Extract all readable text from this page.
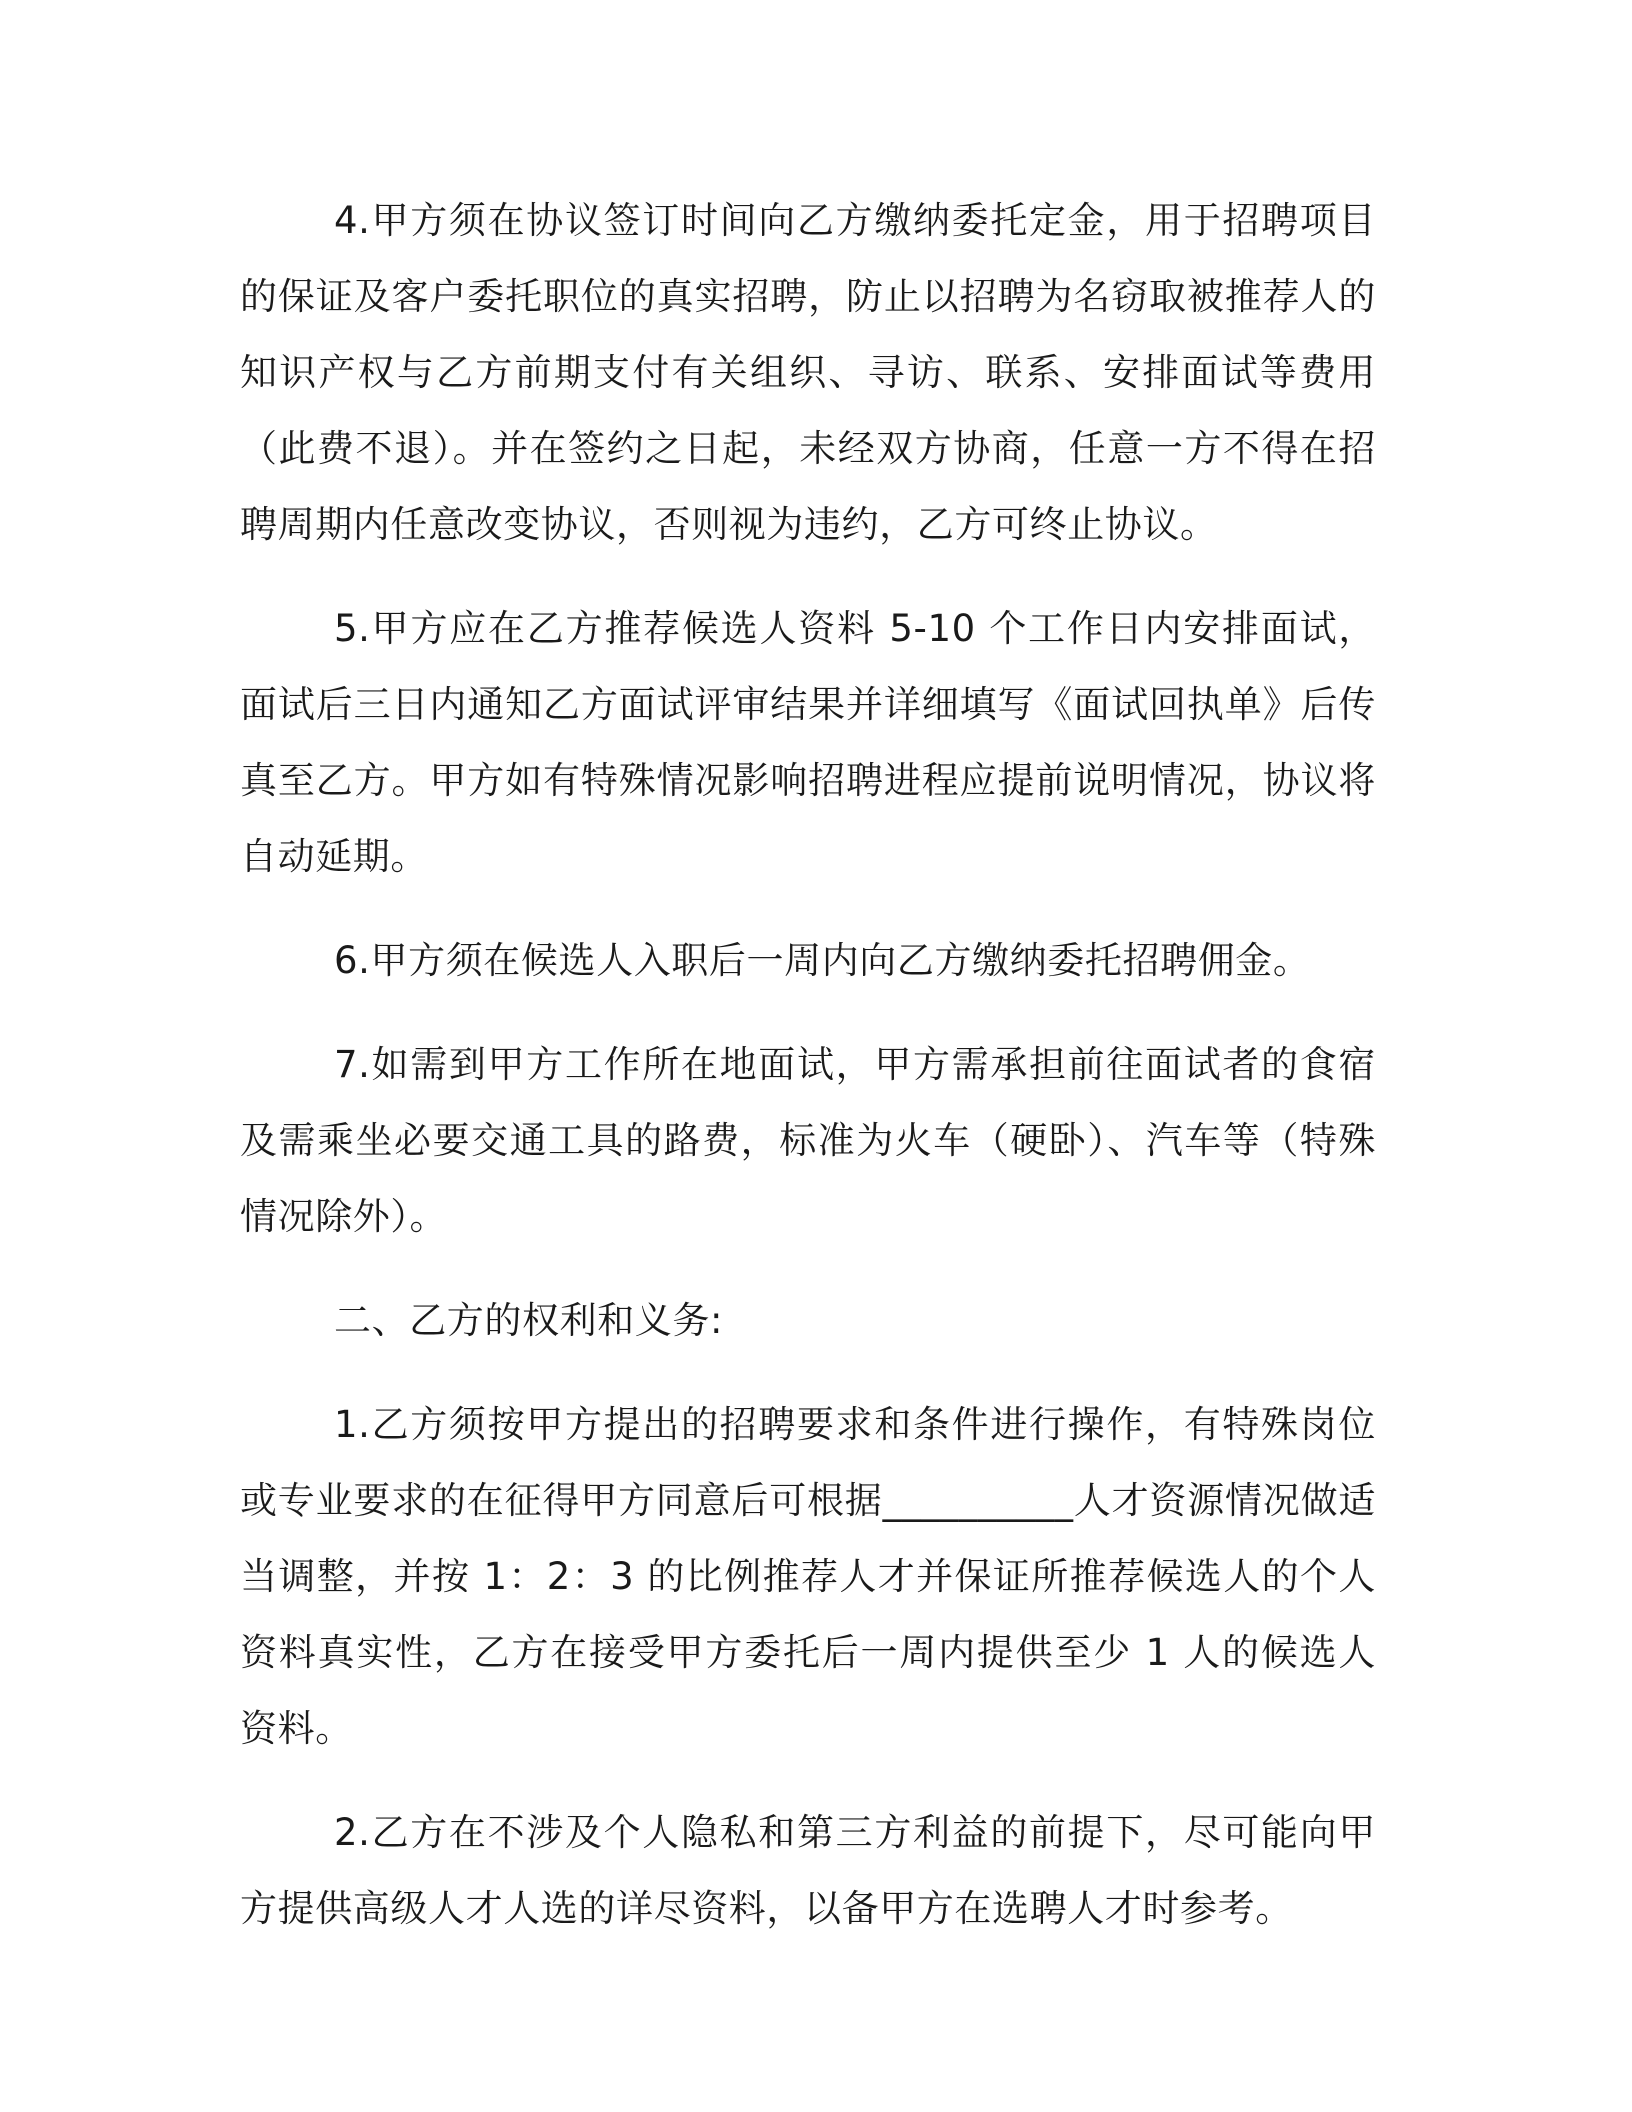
4.甲方须在协议签订时间向乙方缴纳委托定金，用于招聘项目的保证及客户委托职位的真实招聘，防止以招聘为名窃取被推荐人的知识产权与乙方前期支付有关组织、寻访、联系、安排面试等费用（此费不退）。并在签约之日起，未经双方协商，任意一方不得在招聘周期内任意改变协议，否则视为违约，乙方可终止协议。

5.甲方应在乙方推荐候选人资料 5-10 个工作日内安排面试，面试后三日内通知乙方面试评审结果并详细填写《面试回执单》后传真至乙方。甲方如有特殊情况影响招聘进程应提前说明情况，协议将自动延期。

6.甲方须在候选人入职后一周内向乙方缴纳委托招聘佣金。

7.如需到甲方工作所在地面试，甲方需承担前往面试者的食宿及需乘坐必要交通工具的路费，标准为火车（硬卧）、汽车等（特殊情况除外）。

二、乙方的权利和义务:

1.乙方须按甲方提出的招聘要求和条件进行操作，有特殊岗位或专业要求的在征得甲方同意后可根据__________人才资源情况做适当调整，并按 1：2：3 的比例推荐人才并保证所推荐候选人的个人资料真实性，乙方在接受甲方委托后一周内提供至少 1 人的候选人资料。

2.乙方在不涉及个人隐私和第三方利益的前提下，尽可能向甲方提供高级人才人选的详尽资料，以备甲方在选聘人才时参考。
